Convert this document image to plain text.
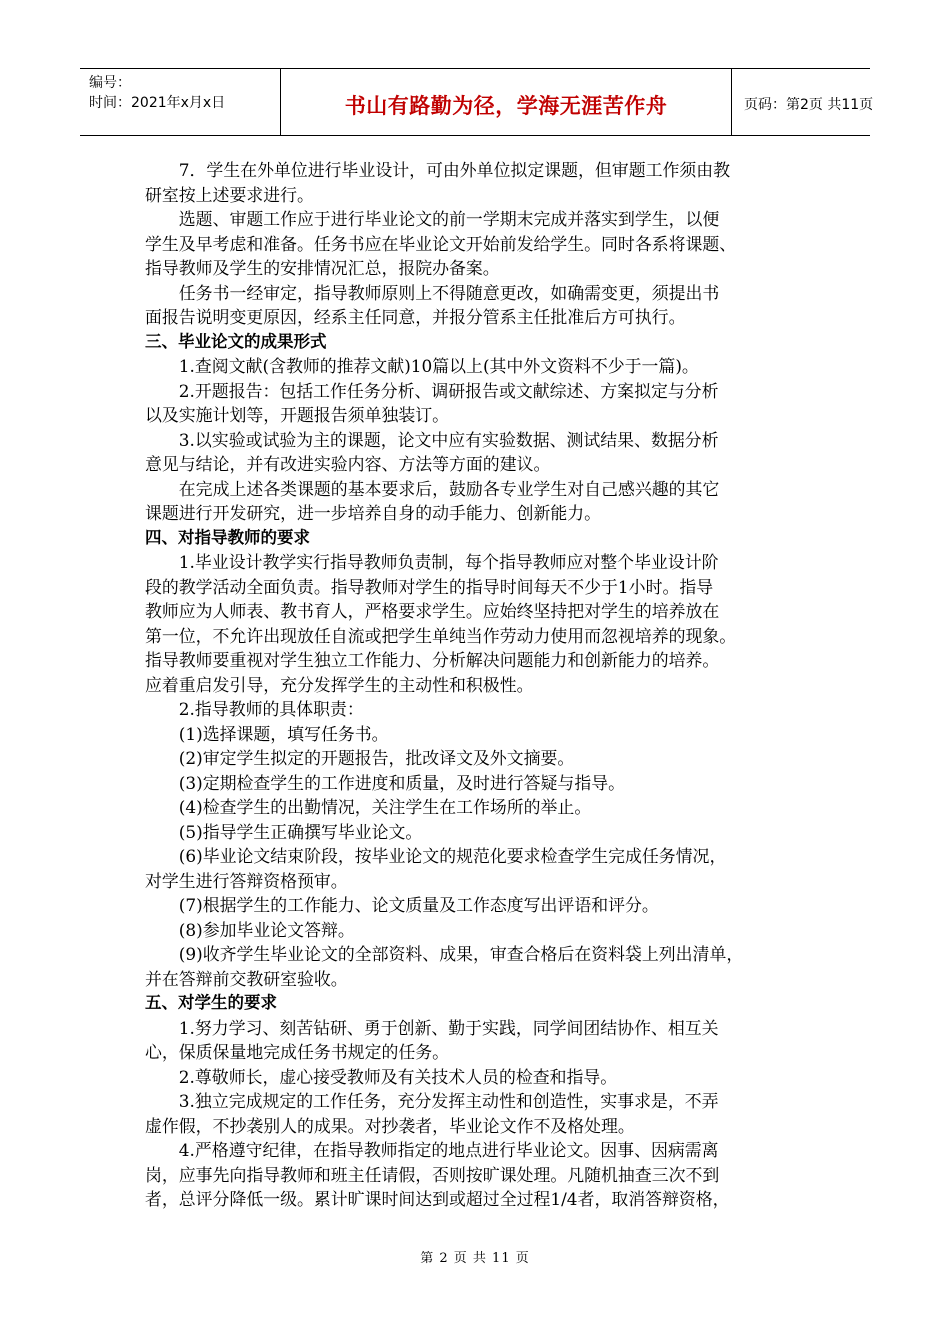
编号：
时间：2021年x月x日	书山有路勤为径，学海无涯苦作舟	页码：第2页 共11页
7．学生在外单位进行毕业设计，可由外单位拟定课题，但审题工作须由教
研室按上述要求进行。
选题、审题工作应于进行毕业论文的前一学期末完成并落实到学生，以便
学生及早考虑和准备。任务书应在毕业论文开始前发给学生。同时各系将课题、
指导教师及学生的安排情况汇总，报院办备案。
任务书一经审定，指导教师原则上不得随意更改，如确需变更，须提出书
面报告说明变更原因，经系主任同意，并报分管系主任批准后方可执行。
三、毕业论文的成果形式
1.查阅文献(含教师的推荐文献)10篇以上(其中外文资料不少于一篇)。
2.开题报告：包括工作任务分析、调研报告或文献综述、方案拟定与分析
以及实施计划等，开题报告须单独装订。
3.以实验或试验为主的课题，论文中应有实验数据、测试结果、数据分析
意见与结论，并有改进实验内容、方法等方面的建议。
在完成上述各类课题的基本要求后，鼓励各专业学生对自己感兴趣的其它
课题进行开发研究，进一步培养自身的动手能力、创新能力。
四、对指导教师的要求
1.毕业设计教学实行指导教师负责制，每个指导教师应对整个毕业设计阶
段的教学活动全面负责。指导教师对学生的指导时间每天不少于1小时。指导
教师应为人师表、教书育人，严格要求学生。应始终坚持把对学生的培养放在
第一位，不允许出现放任自流或把学生单纯当作劳动力使用而忽视培养的现象。
指导教师要重视对学生独立工作能力、分析解决问题能力和创新能力的培养。
应着重启发引导，充分发挥学生的主动性和积极性。
2.指导教师的具体职责：
(1)选择课题，填写任务书。
(2)审定学生拟定的开题报告，批改译文及外文摘要。
(3)定期检查学生的工作进度和质量，及时进行答疑与指导。
(4)检查学生的出勤情况，关注学生在工作场所的举止。
(5)指导学生正确撰写毕业论文。
(6)毕业论文结束阶段，按毕业论文的规范化要求检查学生完成任务情况，
对学生进行答辩资格预审。
(7)根据学生的工作能力、论文质量及工作态度写出评语和评分。
(8)参加毕业论文答辩。
(9)收齐学生毕业论文的全部资料、成果，审查合格后在资料袋上列出清单，
并在答辩前交教研室验收。
五、对学生的要求
1.努力学习、刻苦钻研、勇于创新、勤于实践，同学间团结协作、相互关
心，保质保量地完成任务书规定的任务。
2.尊敬师长，虚心接受教师及有关技术人员的检查和指导。
3.独立完成规定的工作任务，充分发挥主动性和创造性，实事求是，不弄
虚作假，不抄袭别人的成果。对抄袭者，毕业论文作不及格处理。
4.严格遵守纪律，在指导教师指定的地点进行毕业论文。因事、因病需离
岗，应事先向指导教师和班主任请假，否则按旷课处理。凡随机抽查三次不到
者，总评分降低一级。累计旷课时间达到或超过全过程1/4者，取消答辩资格，
第 2 页 共 11 页
